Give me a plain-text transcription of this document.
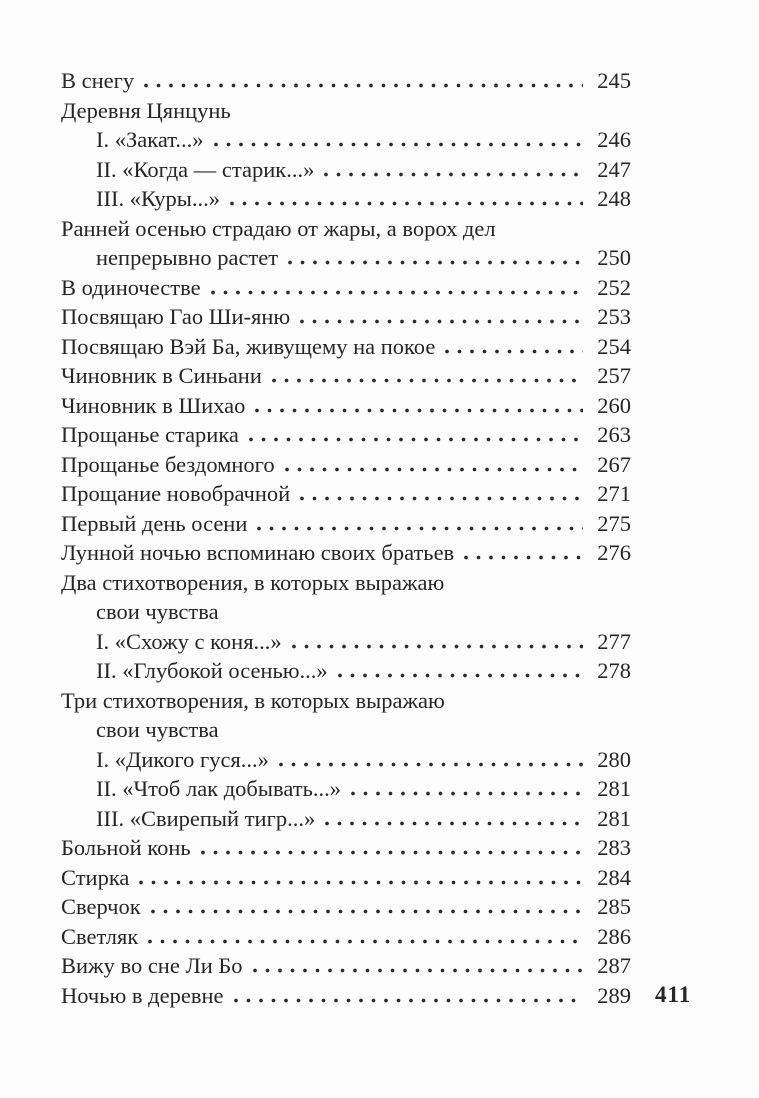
В снегу	245
Деревня Цянцунь
I. «Закат...»	246
II. «Когда — старик...»	247
III. «Куры...»	248
Ранней осенью страдаю от жары, а ворох дел
непрерывно растет	250
В одиночестве	252
Посвящаю Гао Ши-яню	253
Посвящаю Вэй Ба, живущему на покое	254
Чиновник в Синьани	257
Чиновник в Шихао	260
Прощанье старика	263
Прощанье бездомного	267
Прощание новобрачной	271
Первый день осени	275
Лунной ночью вспоминаю своих братьев	276
Два стихотворения, в которых выражаю
свои чувства
I. «Схожу с коня...»	277
II. «Глубокой осенью...»	278
Три стихотворения, в которых выражаю
свои чувства
I. «Дикого гуся...»	280
II. «Чтоб лак добывать...»	281
III. «Свирепый тигр...»	281
Больной конь	283
Стирка	284
Сверчок	285
Светляк	286
Вижу во сне Ли Бо	287
Ночью в деревне	289 411
